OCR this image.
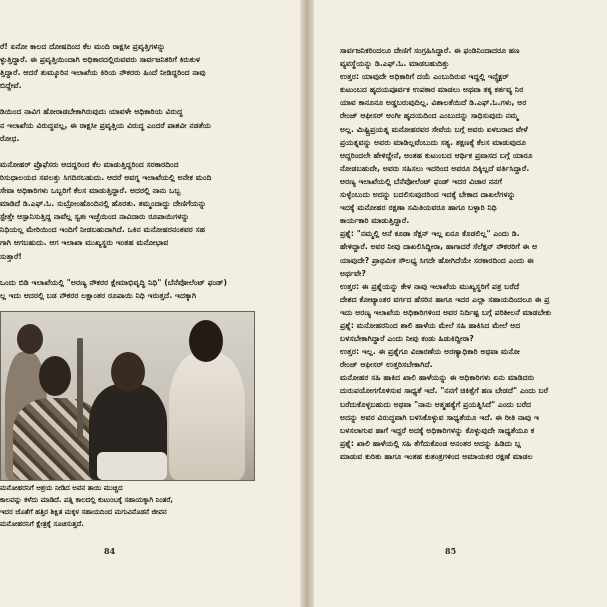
ರೆ! ಏನೋ ಕಾಲದ ದೋಷದಿಂದ ಕೆಲ ಮಂದಿ ರಾಕ್ಷಸೀ ಪ್ರವೃತ್ತಿಗಳನ್ನು
ಳ್ಳುತ್ತಿದ್ದಾರೆ. ಈ ಪ್ರವೃತ್ತಿಯಿಂದಾಗಿ ಅಧಿಕಾರದಲ್ಲಿರುವವರು ಸಾರ್ವಜನಿಕರಿಗೆ ಕಿರುಕುಳ
ತ್ತಿದ್ದಾರೆ. ಆದರೆ ತುಮ್ಕೂರಿನ ಇಲಾಖೆಯ ಕಿರಿಯ ನೌಕರರು ಹಿಂದೆ ನೀಡಿದ್ದರಿಂದ ನಾವು
ಬಿದ್ದೇವೆ.

ಡಿಯಿಂದ ನಾವಿಗ ಹೋರಾಡಬೇಕಾಗಿರುವುದು ಯಾವಳೇ ಅಧಿಕಾರಿಯ ವಿರುದ್ಧ
ನ ಇಲಾಖೆಯ ವಿರುದ್ಧವಲ್ಲ, ಈ ರಾಕ್ಷಸೀ ಪ್ರವೃತ್ತಿಯ ವಿರುದ್ಧ ಎಂದರೆ ಪಾಶವೀ ನಡತೆಯ
ರೋಧ.

ಮನೋಹರ್ ಪ್ರೊಫೆಸರು ಆದದ್ದರಿಂದ ಕೆಲ ಮಾಡುತ್ತಿದ್ದರಿಂದ ಸರಕಾರದಿಂದ
ರಿಸುಧಾಲಯದ ಸವಲತ್ತು ಸಿಗದಿರಬಹುದು. ಆದರೆ ಅವಗ್ನ ಇಲಾಖೆಯಲ್ಲಿ ಅನೇಕ ಮಂದಿ
ಸೇವಾ ಅಧಿಕಾರಿಗಳು ಒಬ್ಬರಿಗೆ ಕೆಲಸ ಮಾಡುತ್ತಿದ್ದಾರೆ. ಆದರಲ್ಲಿ ನಾನು ಒಬ್ಬ
ಮಾಡಿದೆ ಡಿ.ಎಫ್.ಓ. ಸುಬ್ರೋಂಹೊಂದಿನಲ್ಲಿ ಹೊರತು. ತಮ್ಮಂದಾದ್ದು ದೇಣಿಗೆಯನ್ನು
ಸ್ಟೇತ್ತೇ ಆಸ್ಪಾನಿಸುತ್ತಿದ್ದ ನಾವೆಲ್ಲ ಸ್ವತಃ ಇಚ್ಛೆಯಿಂದ ನಾವಿದಾರು ರೂಪಾಯಿಗಳನ್ನು
ನಿಧಿಯಲ್ಲ ಮೇರಿಯಿಂದ ಇಂದಿಗೆ ನೀಡಬಹುದಾಗಿದೆ. ಒಕಿನ ಮನೋಹರನಂತವರ ಸಹ
ಗಾಗಿ ಆಗಬಹುದು. ಆಗ ಇಲಾಖಾ ಮುಖ್ಯಸ್ಥರು ಇಂತಹ ಮನೋಭಾವ
ಸುತ್ತಾರೆ!

ಒಂದು ಬಿಡಿ ಇಲಾಖೆಯಲ್ಲಿ "ಅರಣ್ಯ ನೌಕರರ ಕ್ಷೇಮಾಭಿವೃದ್ಧಿ ನಿಧಿ" (ಬೆನೆವೋಲೆಂಟ್ ಫಂಡ್)
ಲ್ಲ ಇದು ಆದರಲ್ಲಿ ಬಡ ನೌಕರರ ಲಕ್ಷಾಂತರ ರೂಪಾಯಿ ನಿಧಿ ಇರುತ್ತದೆ. ಇದಕ್ಕಾಗಿ
ಮನೋಹರನಿಗೆ ಆಶ್ರಯ ನೀಡಿದ ಅವನ ತಾಯಿ ಮುಚ್ಚಿದ
ಕಾಲವನ್ನು ಕಳೆದು ಮಾಡಿದೆ. ಪತ್ನಿ ಕಾಲದಲ್ಲಿ ಕುಟುಂಬಕ್ಕೆ ಸಹಾಯಕ್ಕಾಗಿ ನಿಂತರೆ,
ಇದರ ಜೊತೆಗೆ ಹತ್ತಿರ ಶಿಕ್ಷಿತ ಮಕ್ಕಳ ಸಹಾಯದಿಂದ ಮಗುವಿನೊಡನೆ ಜೀವನ
ಮನೋಹರನಿಗೆ ಕ್ಷೇತ್ರಕ್ಕೆ ಸೂಚಿಸುತ್ತದೆ.
84
ಸಾರ್ವಜನಿಕರಿಂದಲೂ ದೇಣಿಗೆ ಸಂಗ್ರಹಿಸಿದ್ದಾರೆ. ಈ ಫಂಡಿನಿಂದಾದರೂ ಹಣ
ವ್ಯವಸ್ಥೆಯನ್ನು ಡಿ.ಎಫ್.ಓ. ಮಾಡಬಹುದಿತ್ತು
ಉತ್ತರ: ಯಾವುದೇ ಅಧಿಕಾರಿಗೆ ದಯೆ ಎಂಬುದಿರುವ ಇದ್ದಲ್ಲಿ ಇನ್ಸ್ಪೆಕ್ಟರ್
ಕುಟುಂಬದ ಹೃದಯಪೂರ್ವಕ ಉಪಕಾರ ಮಾಡಲು ಅಥವಾ ತಕ್ಕ ಕರ್ತವ್ಯ ನಿರ
ಯಾವ ಕಾನೂನೂ ಅಡ್ಡಬರುವುದಿಲ್ಲ. ವಿಶಾಲತೆಯಿದೆ ಡಿ.ಎಫ್.ಓ.ಗಳು, ಅರ
ರೇಂಜ್ ಆಫೀಸರ್ ಅಂಗೀ ಹೃದಯದಿಂದ ಎಂಬುದನ್ನು ಸಾಧಿಸುವುದು ನಮ್ಮ
ಅಲ್ಲ. ಮಿಷ್ಟ್ರಿಪ್ರಯತ್ನ ಮನೋಹರವರ ಸೇವೆಯ ಬಗ್ಗೆ ಅವರು ಏಳಬರಾದ ವೇಳೆ
ಪ್ರಯತ್ನವನ್ನು ಅವರು ಮಾಡಿಲ್ಲವೆಂಬುದು ಸತ್ಯ. ತಕ್ಷಣಕ್ಕೆ ಕೆಲಸ ಮಾಡುವುದೂ
ಆದ್ದರಿಂದಲೇ ಹೇಳಿದ್ದೇನೆ, ಅಂತಹ ಕುಟುಂಬದ ಆರ್ಥಿಕ ಪ್ರವಾಸದ ಬಗ್ಗೆ ಯಾರೂ
ನೋಡಬಹುದೇ, ಅವರು ಸಹಿಸಲು ಇದರಿಂದ ಅವರೂ ದಿಕ್ಕಿಲ್ಲದೆ ವರ್ತಿಸಿದ್ದಾರೆ.
ಅರಣ್ಯ ಇಲಾಖೆಯಲ್ಲಿ ಬೆನೆವೋಲೆಂಟ್ ಫಂಡ್ ಇದರ ವಿಚಾರ ನನಗೆ
ಸುಳ್ಳೆಂಬುದು ಅದನ್ನು ಬದಲಿಸುವುದರಿಂದ ಇದಕ್ಕೆ ಬೇಕಾದ ದಾಖಲೆಗಳನ್ನು
ಇದಕ್ಕೆ ಮನೋಹರ ರಕ್ಷಣಾ ಸಮಿತಿಯವರೂ ಹಾಗೂ ಬಳ್ಳಾರಿ ನಿಧಿ
ಕಾರ್ಯಕಾರಿ ಮಾಡುತ್ತಿದ್ದಾರೆ.
ಪ್ರಶ್ನೆ: "ನಮ್ಮಲ್ಲಿ ಅನೆ ಕೂಡಾ ಸೆಕ್ಷನ್ ಇಲ್ಲ ಏನೂ ಕೊಡಲಿಲ್ಲ" ಎಂದು ಡಿ.
ಹೇಳಿದ್ದಾರೆ. ಅವರ ನೀವು ದಾಖಲಿಸಿದ್ದೀರಾ, ಹಾಗಾದರೆ ಸೆಲೆಕ್ಷನ್ ನೌಕರರಿಗೆ ಈ ಆ
ಯಾವುದೇ? ಪ್ರಾಥಮಿಕ ಸೌಲಭ್ಯ ಸಿಗದೇ ಹೋಗಿದೆಯೇ ಸರಕಾರದಿಂದ ಎಂದು ಈ
ಅರ್ಥವೇ?
ಉತ್ತರ: ಈ ಪ್ರಶ್ನೆಯನ್ನು ಕೇಳ ನಾವು ಇಲಾಖೆಯ ಮುಖ್ಯಸ್ಥರಿಗೆ ಪತ್ರ ಬರೆದೆ
ದೇಶದ ಕೋಟ್ಯಾಂತರ ವರ್ಗದ ಹೆಸರಿನ ಹಾಗೂ ಇದರ ಎಲ್ಲಾ ಸಹಾಯದಿಂದಲೂ ಈ ಪ್ರ
ಇದು ಅರಣ್ಯ ಇಲಾಖೆಯ ಅಧಿಕಾರಿಗಳಿಂದ ಅವರ ನಿರ್ದಿಷ್ಟ ಬಗ್ಗೆ ಪರಿಶೀಲನೆ ಮಾಡಬೇಕು
ಪ್ರಶ್ನೆ: ಮನೋಹರನಿಂದ ಶಾಲಿ ಹಾಳೆಯ ಮೇಲೆ ಸಹಿ ಹಾಕಿಸಿದ ಮೇಲೆ ಅದ
ಬಳಸಬೇಕಾಗಿದ್ದಾರೆ ಎಂದು ನೀವು ಕಂಡು ಹಿಡುಕಿದ್ದೀರಾ?
ಉತ್ತರ: ಇಲ್ಲ. ಈ ಪ್ರಶ್ನೆಗೂ ವಿಚಾರಣೆಯ ಅರಣ್ಯಾಧಿಕಾರಿ ಅಥವಾ ಮನೋ
ರೇಂಜ್ ಆಫೀಸರ್ ಉತ್ತರಿಸಬೇಕಾಗಿದೆ.
ಮನೋಹರ ಸಹಿ ಹಾಕಿದ ಖಾಲಿ ಹಾಳೆಯನ್ನು ಈ ಅಧಿಕಾರಿಗಳು ಏನು ಮಾಡಿದರು
ದುರುಪಯೋಗಗೊಳಿಸುವ ಸಾಧ್ಯತೆ ಇದೆ. "ನನಗೆ ಚಿಕಿತ್ಸೆಗೆ ಹಣ ಬೇಡದೆ" ಎಂದು ಬರೆ
ಬರೆದುಕೊಳ್ಳಬಹುದು ಅಥವಾ "ನಾನು ಆತ್ಮಹತ್ಯೆಗೆ ಪ್ರಯತ್ನಿಸಿದೆ" ಎಂದು ಬರೆದ
ಅದನ್ನು ಅವರ ವಿರುದ್ಧವಾಗಿ ಬಳಸಿಕೊಳ್ಳುವ ಸಾಧ್ಯತೆಯೂ ಇದೆ. ಈ ರೀತಿ ನಾವು ಇ
ಬಳಸಲಾಗುವ ಹಾಗೆ ಇದ್ದರೆ ಅದಕ್ಕೆ ಅಧಿಕಾರಿಗಳನ್ನು ಕೊಳ್ಳುವುದೇ ಸಾಧ್ಯತೆಯೂ ಕ
ಪ್ರಶ್ನೆ: ಖಾಲಿ ಹಾಳೆಯಲ್ಲಿ ಸಹಿ ತೆಗೆದುಕೊಂಡ ಅನಂತರ ಅದನ್ನು ಹಿಡಿದು ಬ್ಲ
ಮಾಡುವ ಕುರಿತು ಹಾಗೂ ಇಂತಹ ಕುತಂತ್ರಗಳಿಂದ ಅಮಾಯಕರ ರಕ್ಷಣೆ ಮಾಡಲ
85
